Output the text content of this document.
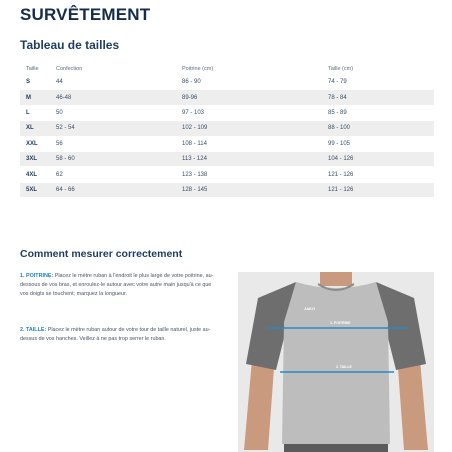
SURVÊTEMENT
Tableau de tailles
Taille	Confection	Poitrine (cm)	Taille (cm)
S	44	86 - 90	74 - 79
M	46-48	89-96	78 - 84
L	50	97 - 103	85 - 89
XL	52 - 54	102 - 109	88 - 100
XXL	56	108 - 114	99 - 105
3XL	58 - 60	113 - 124	104 - 126
4XL	62	123 - 138	121 - 126
5XL	64 - 66	128 - 145	121 - 126
Comment mesurer correctement

1. POITRINE: Placez le mètre ruban à l'endroit le plus large de votre poitrine, au-dessous de vos bras, et enroulez-le autour avec votre autre main jusqu'à ce que vos doigts se touchent; marquez la longueur.

2. TAILLE: Placez le mètre ruban autour de votre tour de taille naturel, juste au-dessus de vos hanches. Veillez à ne pas trop serrer le ruban.

JAKO
1. POITRINE
2. TAILLE
